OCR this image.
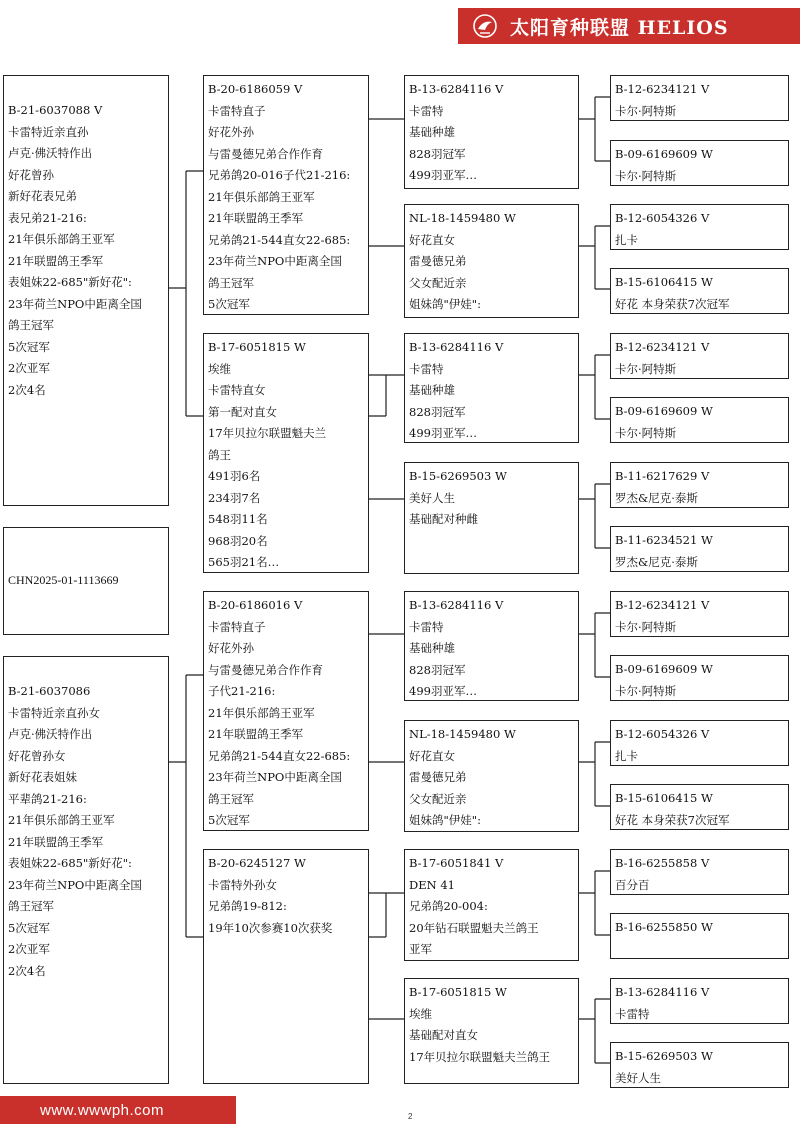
太阳育种联盟 HELIOS
B-21-6037088 V
卡雷特近亲直孙
卢克·佛沃特作出
好花曾孙
新好花表兄弟
表兄弟21-216:
21年俱乐部鸽王亚军
21年联盟鸽王季军
表姐妹22-685"新好花":
23年荷兰NPO中距离全国
鸽王冠军
5次冠军
2次亚军
2次4名
CHN2025-01-1113669
B-21-6037086
卡雷特近亲直孙女
卢克·佛沃特作出
好花曾孙女
新好花表姐妹
平辈鸽21-216:
21年俱乐部鸽王亚军
21年联盟鸽王季军
表姐妹22-685"新好花":
23年荷兰NPO中距离全国
鸽王冠军
5次冠军
2次亚军
2次4名
B-20-6186059 V
卡雷特直子
好花外孙
与雷曼德兄弟合作作育
兄弟鸽20-016子代21-216:
21年俱乐部鸽王亚军
21年联盟鸽王季军
兄弟鸽21-544直女22-685:
23年荷兰NPO中距离全国
鸽王冠军
5次冠军
B-17-6051815 W
埃维
卡雷特直女
第一配对直女
17年贝拉尔联盟魁夫兰
鸽王
491羽6名
234羽7名
548羽11名
968羽20名
565羽21名…
B-20-6186016 V
卡雷特直子
好花外孙
与雷曼德兄弟合作作育
子代21-216:
21年俱乐部鸽王亚军
21年联盟鸽王季军
兄弟鸽21-544直女22-685:
23年荷兰NPO中距离全国
鸽王冠军
5次冠军
B-20-6245127 W
卡雷特外孙女
兄弟鸽19-812:
19年10次参赛10次获奖
B-13-6284116 V
卡雷特
基础种雄
828羽冠军
499羽亚军…
NL-18-1459480 W
好花直女
雷曼德兄弟
父女配近亲
姐妹鸽"伊娃":
B-13-6284116 V
卡雷特
基础种雄
828羽冠军
499羽亚军…
B-15-6269503 W
美好人生
基础配对种雌
B-13-6284116 V
卡雷特
基础种雄
828羽冠军
499羽亚军…
NL-18-1459480 W
好花直女
雷曼德兄弟
父女配近亲
姐妹鸽"伊娃":
B-17-6051841 V
DEN 41
兄弟鸽20-004:
20年钻石联盟魁夫兰鸽王
亚军
B-17-6051815 W
埃维
基础配对直女
17年贝拉尔联盟魁夫兰鸽王
B-12-6234121 V
卡尔·阿特斯
B-09-6169609 W
卡尔·阿特斯
B-12-6054326 V
扎卡
B-15-6106415 W
好花 本身荣获7次冠军
B-12-6234121 V
卡尔·阿特斯
B-09-6169609 W
卡尔·阿特斯
B-11-6217629 V
罗杰&尼克·泰斯
B-11-6234521 W
罗杰&尼克·泰斯
B-12-6234121 V
卡尔·阿特斯
B-09-6169609 W
卡尔·阿特斯
B-12-6054326 V
扎卡
B-15-6106415 W
好花 本身荣获7次冠军
B-16-6255858 V
百分百
B-16-6255850 W
B-13-6284116 V
卡雷特
B-15-6269503 W
美好人生
www.wwwph.com	2
